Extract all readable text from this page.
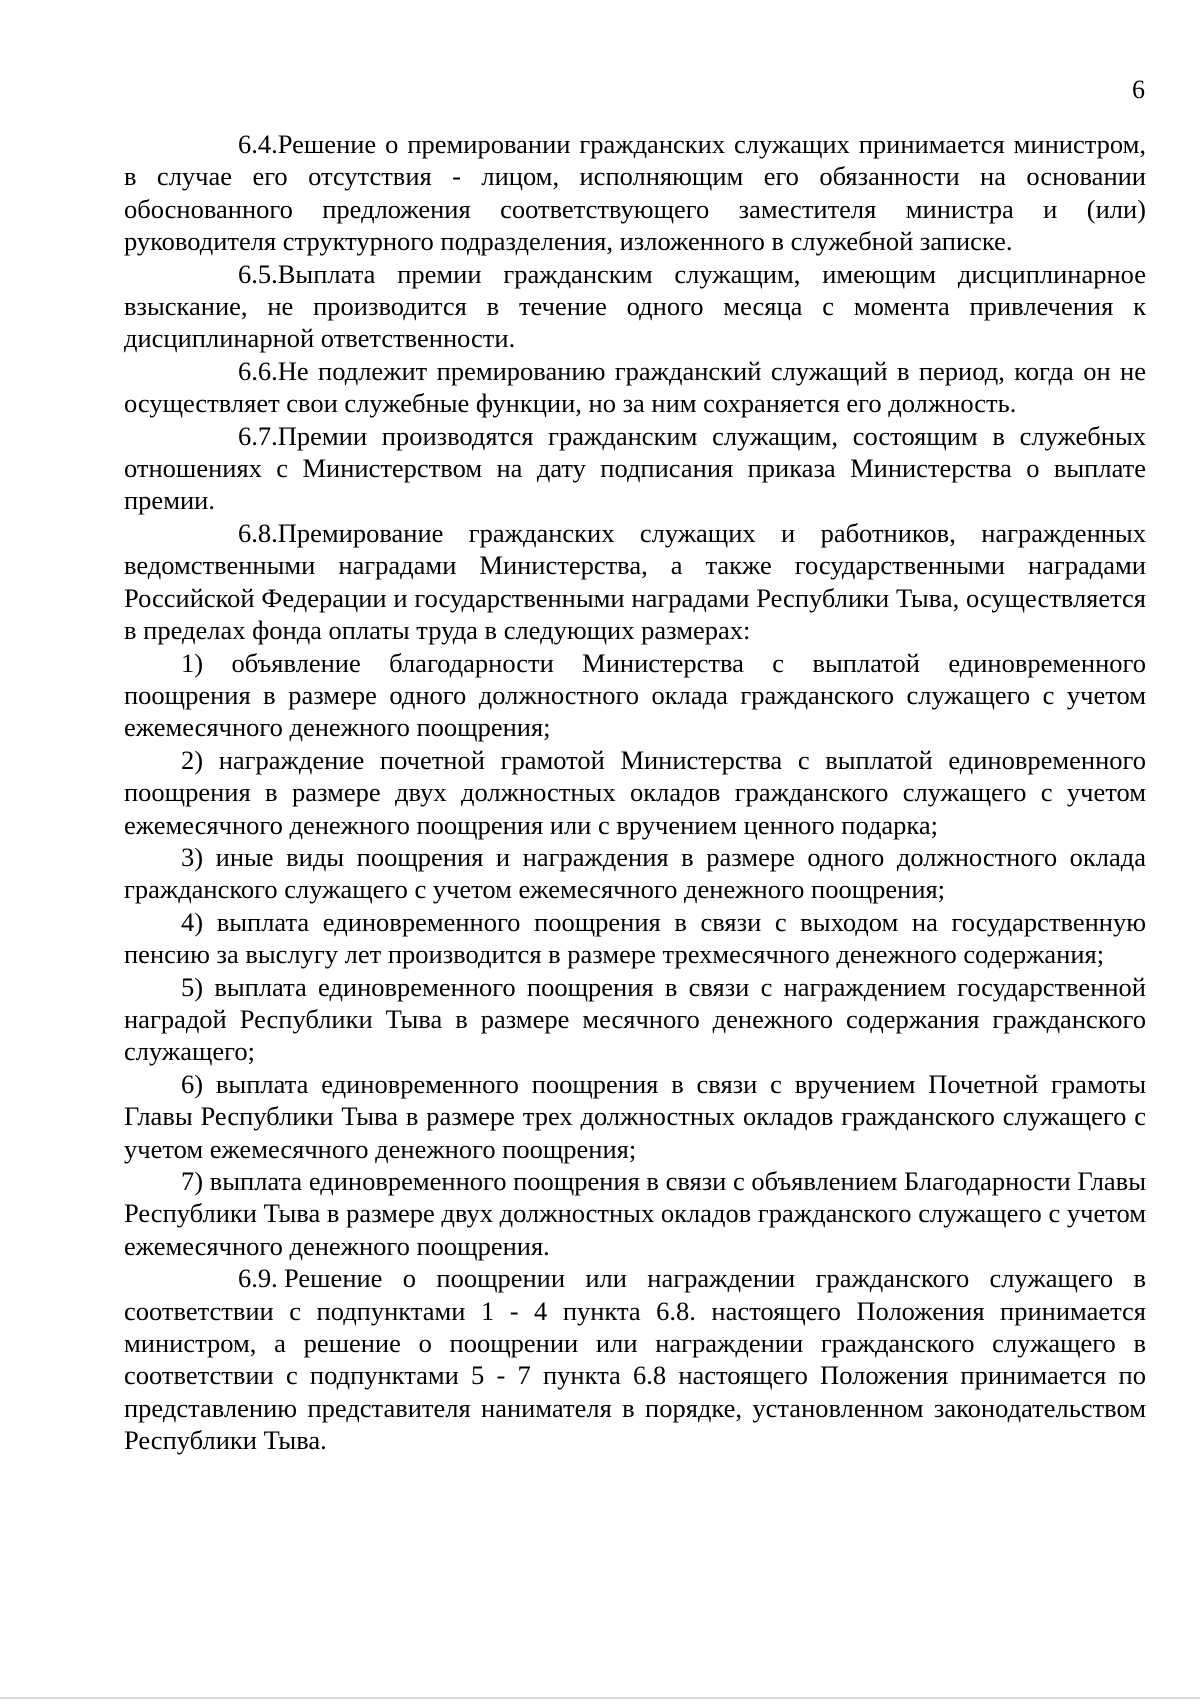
6

6.4.Решение о премировании гражданских служащих принимается министром, в случае его отсутствия - лицом, исполняющим его обязанности на основании обоснованного предложения соответствующего заместителя министра и (или) руководителя структурного подразделения, изложенного в служебной записке.

6.5.Выплата премии гражданским служащим, имеющим дисциплинарное взыскание, не производится в течение одного месяца с момента привлечения к дисциплинарной ответственности.

6.6.Не подлежит премированию гражданский служащий в период, когда он не осуществляет свои служебные функции, но за ним сохраняется его должность.

6.7.Премии производятся гражданским служащим, состоящим в служебных отношениях с Министерством на дату подписания приказа Министерства о выплате премии.

6.8.Премирование гражданских служащих и работников, награжденных ведомственными наградами Министерства, а также государственными наградами Российской Федерации и государственными наградами Республики Тыва, осуществляется в пределах фонда оплаты труда в следующих размерах:

1) объявление благодарности Министерства с выплатой единовременного поощрения в размере одного должностного оклада гражданского служащего с учетом ежемесячного денежного поощрения;

2) награждение почетной грамотой Министерства с выплатой единовременного поощрения в размере двух должностных окладов гражданского служащего с учетом ежемесячного денежного поощрения или с вручением ценного подарка;

3) иные виды поощрения и награждения в размере одного должностного оклада гражданского служащего с учетом ежемесячного денежного поощрения;

4) выплата единовременного поощрения в связи с выходом на государственную пенсию за выслугу лет производится в размере трехмесячного денежного содержания;

5) выплата единовременного поощрения в связи с награждением государственной наградой Республики Тыва в размере месячного денежного содержания гражданского служащего;

6) выплата единовременного поощрения в связи с вручением Почетной грамоты Главы Республики Тыва в размере трех должностных окладов гражданского служащего с учетом ежемесячного денежного поощрения;

7) выплата единовременного поощрения в связи с объявлением Благодарности Главы Республики Тыва в размере двух должностных окладов гражданского служащего с учетом ежемесячного денежного поощрения.

6.9. Решение о поощрении или награждении гражданского служащего в соответствии с подпунктами 1 - 4 пункта 6.8. настоящего Положения принимается министром, а решение о поощрении или награждении гражданского служащего в соответствии с подпунктами 5 - 7 пункта 6.8 настоящего Положения принимается по представлению представителя нанимателя в порядке, установленном законодательством Республики Тыва.
